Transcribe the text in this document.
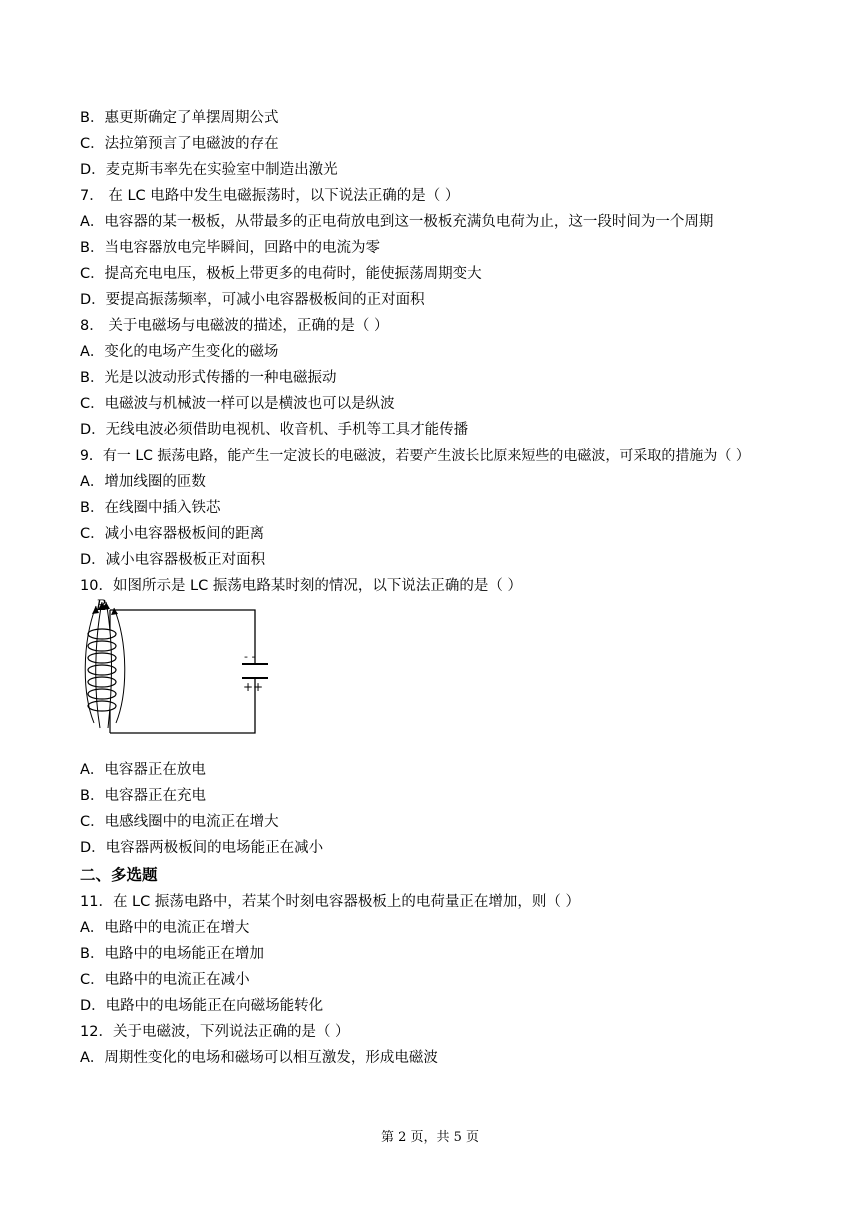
B．惠更斯确定了单摆周期公式
C．法拉第预言了电磁波的存在
D．麦克斯韦率先在实验室中制造出激光
7． 在 LC 电路中发生电磁振荡时，以下说法正确的是（ ）
A．电容器的某一极板，从带最多的正电荷放电到这一极板充满负电荷为止，这一段时间为一个周期
B．当电容器放电完毕瞬间，回路中的电流为零
C．提高充电电压，极板上带更多的电荷时，能使振荡周期变大
D．要提高振荡频率，可减小电容器极板间的正对面积
8． 关于电磁场与电磁波的描述，正确的是（ ）
A．变化的电场产生变化的磁场
B．光是以波动形式传播的一种电磁振动
C．电磁波与机械波一样可以是横波也可以是纵波
D．无线电波必须借助电视机、收音机、手机等工具才能传播
9．有一 LC 振荡电路，能产生一定波长的电磁波，若要产生波长比原来短些的电磁波，可采取的措施为（ ）
A．增加线圈的匝数
B．在线圈中插入铁芯
C．减小电容器极板间的距离
D．减小电容器极板正对面积
10．如图所示是 LC 振荡电路某时刻的情况，以下说法正确的是（ ）
- -
++
B
A．电容器正在放电
B．电容器正在充电
C．电感线圈中的电流正在增大
D．电容器两极板间的电场能正在减小
二、多选题
11．在 LC 振荡电路中，若某个时刻电容器极板上的电荷量正在增加，则（ ）
A．电路中的电流正在增大
B．电路中的电场能正在增加
C．电路中的电流正在减小
D．电路中的电场能正在向磁场能转化
12．关于电磁波，下列说法正确的是（ ）
A．周期性变化的电场和磁场可以相互激发，形成电磁波
第 2 页，共 5 页
